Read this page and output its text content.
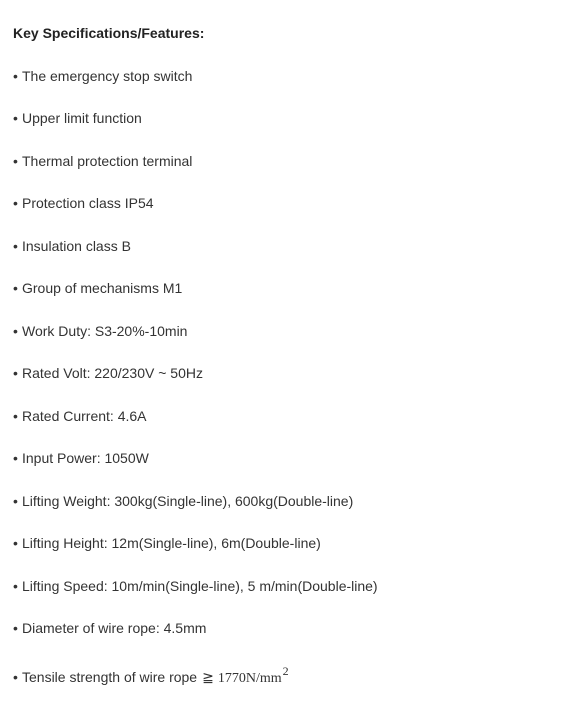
Key Specifications/Features:
• The emergency stop switch
• Upper limit function
• Thermal protection terminal
• Protection class IP54
• Insulation class B
• Group of mechanisms M1
• Work Duty: S3-20%-10min
• Rated Volt: 220/230V ~ 50Hz
• Rated Current: 4.6A
• Input Power: 1050W
• Lifting Weight: 300kg(Single-line), 600kg(Double-line)
• Lifting Height: 12m(Single-line), 6m(Double-line)
• Lifting Speed: 10m/min(Single-line), 5 m/min(Double-line)
• Diameter of wire rope: 4.5mm
• Tensile strength of wire rope ≧ 1770N/mm2
